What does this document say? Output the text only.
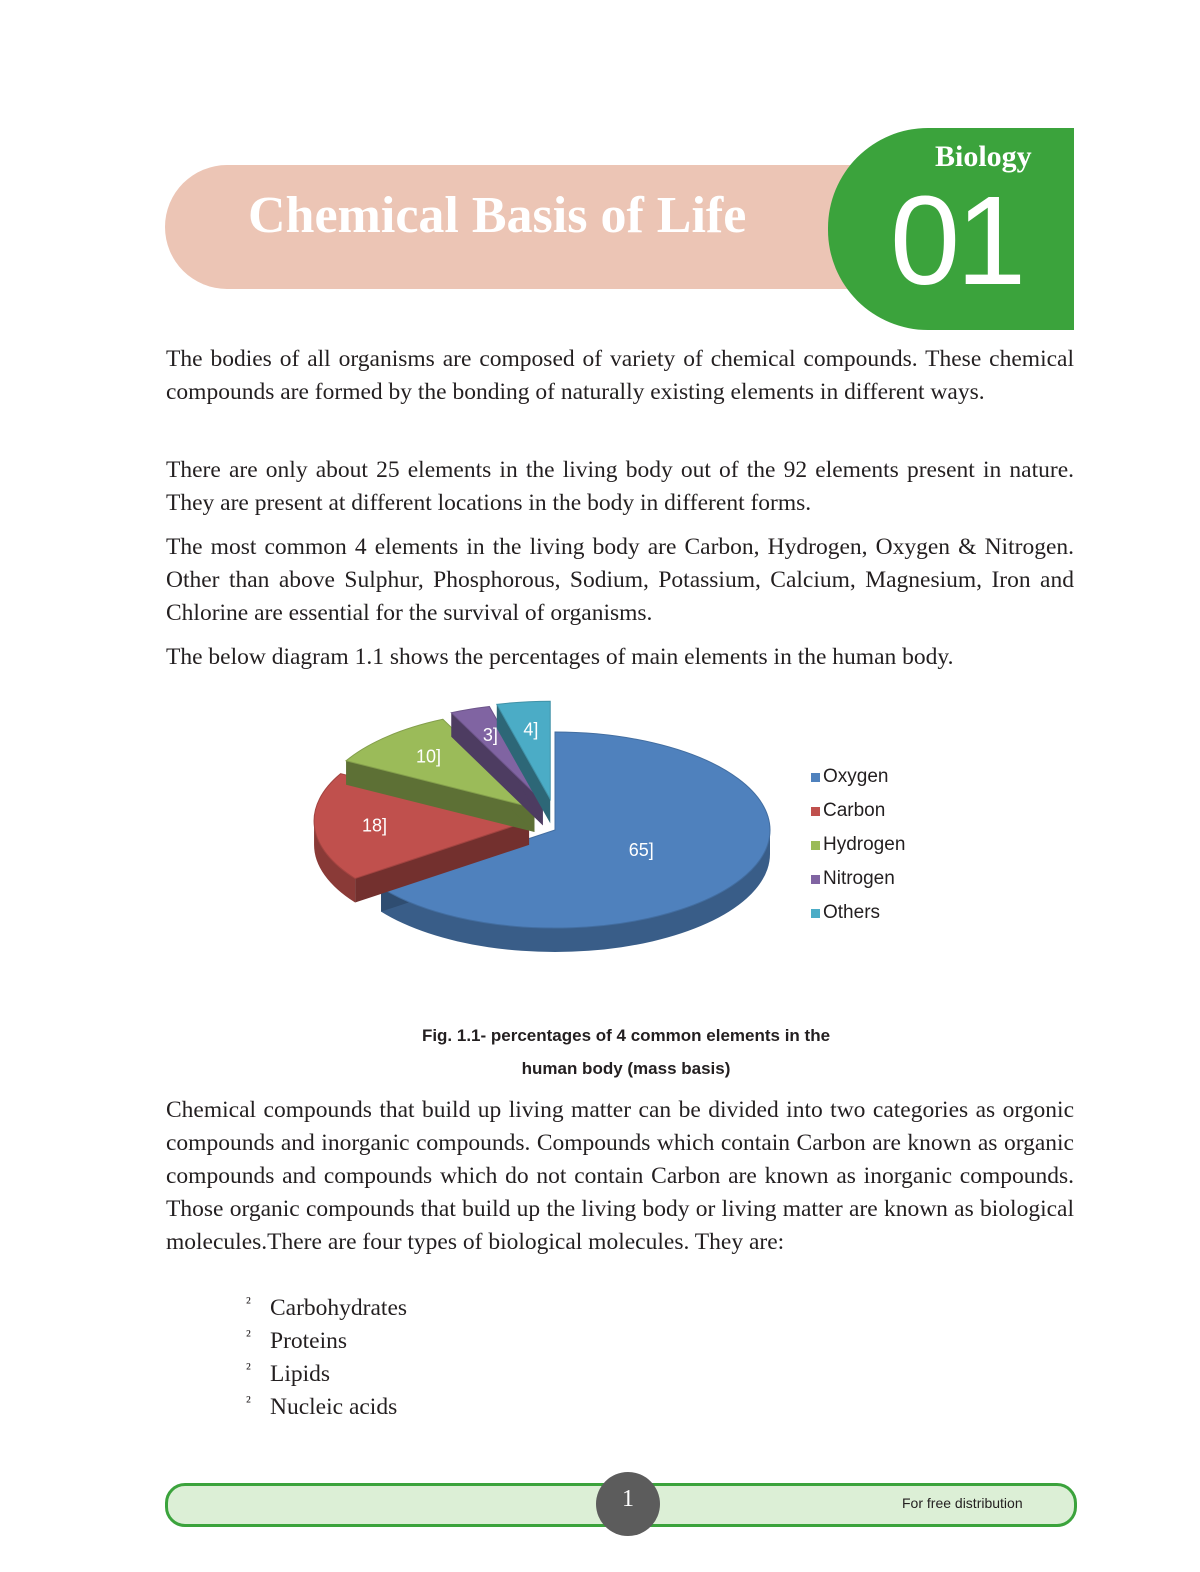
Chemical Basis of Life
Biology
01

The bodies of all organisms are composed of variety of chemical compounds. These chemical compounds are formed by the bonding of naturally existing elements in different ways.

There are only about 25 elements in the living body out of the 92 elements present in nature. They are present at different locations in the body in different forms.

The most common 4 elements in the living body are Carbon, Hydrogen, Oxygen & Nitrogen. Other than above Sulphur, Phosphorous, Sodium, Potassium, Calcium, Magnesium, Iron and Chlorine are essential for the survival of organisms.

The below diagram 1.1 shows the percentages of main elements in the human body.

65]
18]
10]
3] 4]
Oxygen
Carbon
Hydrogen
Nitrogen
Others
Fig. 1.1- percentages of 4 common elements in the
human body (mass basis)

Chemical compounds that build up living matter can be divided into two categories as orgonic compounds and inorganic compounds. Compounds which contain Carbon are known as organic compounds and compounds which do not contain Carbon are known as inorganic compounds. Those organic compounds that build up the living body or living matter are known as biological molecules.There are four types of biological molecules. They are:

² Carbohydrates
² Proteins
² Lipids
² Nucleic acids
For free distribution
1
